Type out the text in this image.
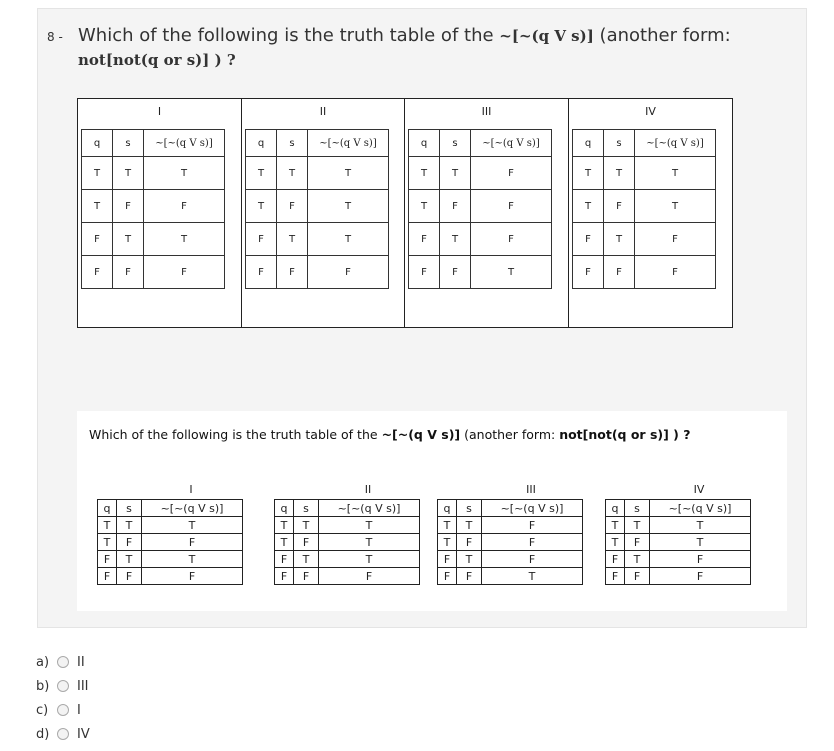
8 - Which of the following is the truth table of the ~[~(q V s)] (another form: not[not(q or s)] ) ?
I
q	s	~[~(q V s)]
T	T	T
T	F	F
F	T	T
F	F	F
II
q	s	~[~(q V s)]
T	T	T
T	F	T
F	T	T
F	F	F
III
q	s	~[~(q V s)]
T	T	F
T	F	F
F	T	F
F	F	T
IV
q	s	~[~(q V s)]
T	T	T
T	F	T
F	T	F
F	F	F
Which of the following is the truth table of the ~[~(q V s)] (another form: not[not(q or s)] ) ?
I
q	s	~[~(q V s)]
T	T	T
T	F	F
F	T	T
F	F	F
II
q	s	~[~(q V s)]
T	T	T
T	F	T
F	T	T
F	F	F
III
q	s	~[~(q V s)]
T	T	F
T	F	F
F	T	F
F	F	T
IV
q	s	~[~(q V s)]
T	T	T
T	F	T
F	T	F
F	F	F
a)	II
b)	III
c)	I
d)	IV
